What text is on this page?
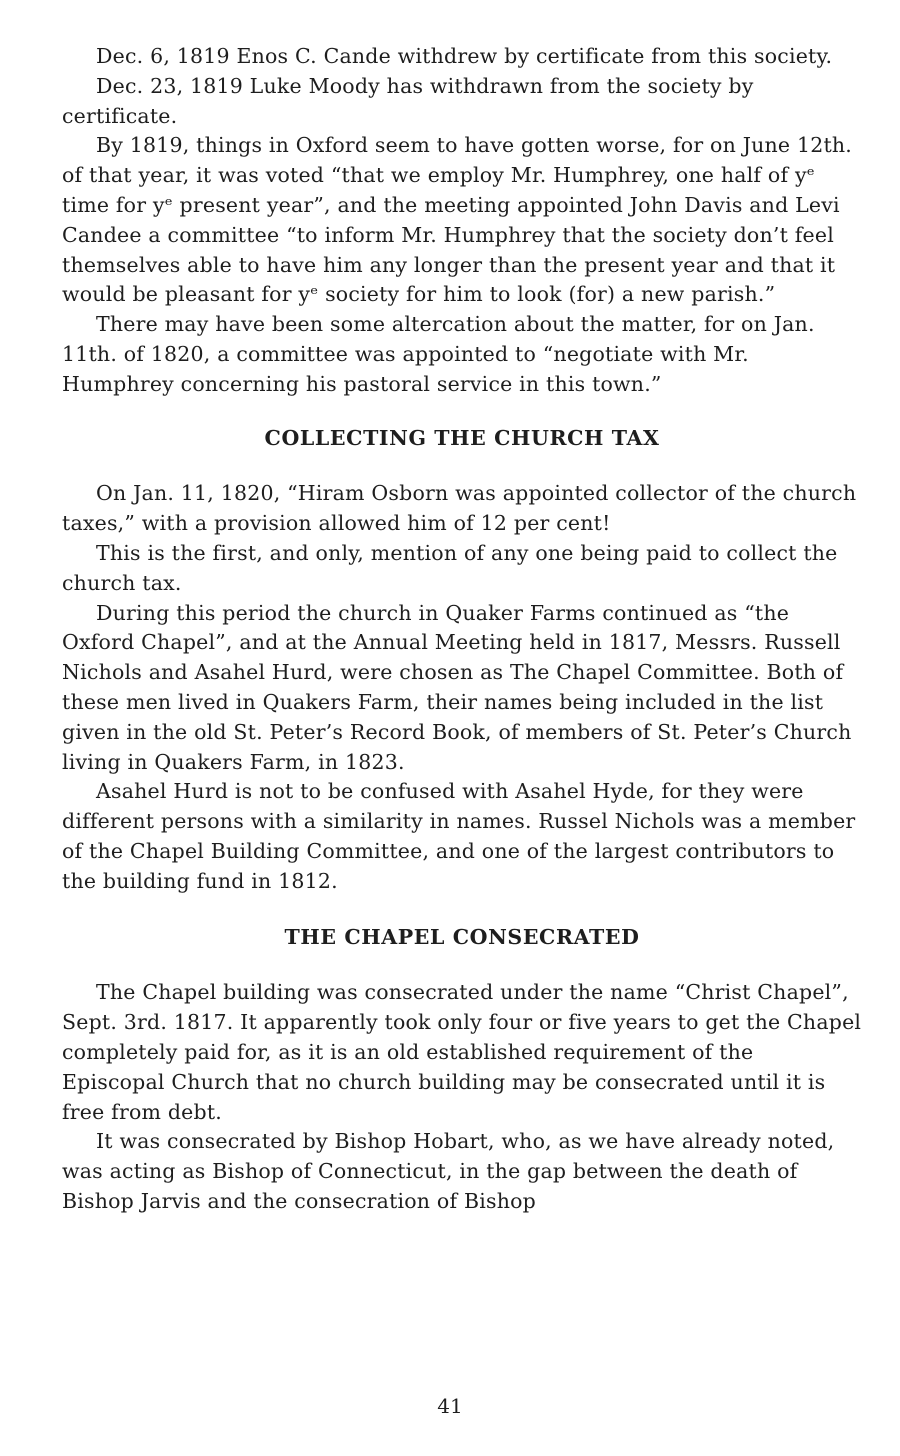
Dec. 6, 1819 Enos C. Cande withdrew by certificate from this society.

Dec. 23, 1819 Luke Moody has withdrawn from the society by certificate.

By 1819, things in Oxford seem to have gotten worse, for on June 12th. of that year, it was voted “that we employ Mr. Humphrey, one half of yᵉ time for yᵉ present year”, and the meeting appointed John Davis and Levi Candee a committee “to inform Mr. Humphrey that the society don’t feel themselves able to have him any longer than the present year and that it would be pleasant for yᵉ society for him to look (for) a new parish.”

There may have been some altercation about the matter, for on Jan. 11th. of 1820, a committee was appointed to “negotiate with Mr. Humphrey concerning his pastoral service in this town.”

COLLECTING THE CHURCH TAX

On Jan. 11, 1820, “Hiram Osborn was appointed collector of the church taxes,” with a provision allowed him of 12 per cent!

This is the first, and only, mention of any one being paid to collect the church tax.

During this period the church in Quaker Farms continued as “the Oxford Chapel”, and at the Annual Meeting held in 1817, Messrs. Russell Nichols and Asahel Hurd, were chosen as The Chapel Committee. Both of these men lived in Quakers Farm, their names being included in the list given in the old St. Peter’s Record Book, of members of St. Peter’s Church living in Quakers Farm, in 1823.

Asahel Hurd is not to be confused with Asahel Hyde, for they were different persons with a similarity in names. Russel Nichols was a member of the Chapel Building Committee, and one of the largest contributors to the building fund in 1812.

THE CHAPEL CONSECRATED

The Chapel building was consecrated under the name “Christ Chapel”, Sept. 3rd. 1817. It apparently took only four or five years to get the Chapel completely paid for, as it is an old established requirement of the Episcopal Church that no church building may be consecrated until it is free from debt.

It was consecrated by Bishop Hobart, who, as we have already noted, was acting as Bishop of Connecticut, in the gap between the death of Bishop Jarvis and the consecration of Bishop

41
